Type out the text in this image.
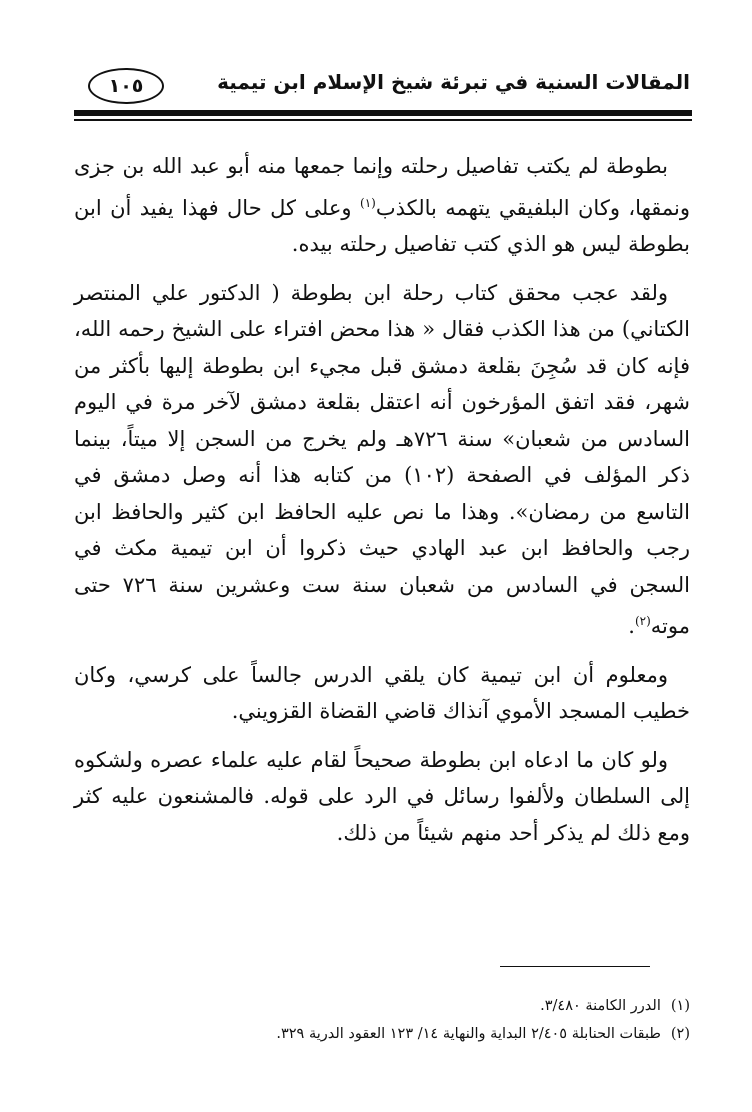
المقالات السنية في تبرئة شيخ الإسلام ابن تيمية
١٠٥

بطوطة لم يكتب تفاصيل رحلته وإنما جمعها منه أبو عبد الله بن جزى ونمقها، وكان البلفيقي يتهمه بالكذب$^{(١)}$ وعلى كل حال فهذا يفيد أن ابن بطوطة ليس هو الذي كتب تفاصيل رحلته بيده.

ولقد عجب محقق كتاب رحلة ابن بطوطة ( الدكتور علي المنتصر الكتاني) من هذا الكذب فقال « هذا محض افتراء على الشيخ رحمه الله، فإنه كان قد سُجِنَ بقلعة دمشق قبل مجيء ابن بطوطة إليها بأكثر من شهر، فقد اتفق المؤرخون أنه اعتقل بقلعة دمشق لآخر مرة في اليوم السادس من شعبان» سنة ٧٢٦هـ ولم يخرج من السجن إلا ميتاً، بينما ذكر المؤلف في الصفحة (١٠٢) من كتابه هذا أنه وصل دمشق في التاسع من رمضان». وهذا ما نص عليه الحافظ ابن كثير والحافظ ابن رجب والحافظ ابن عبد الهادي حيث ذكروا أن ابن تيمية مكث في السجن في السادس من شعبان سنة ست وعشرين سنة ٧٢٦ حتى موته$^{(٢)}$.

ومعلوم أن ابن تيمية كان يلقي الدرس جالساً على كرسي، وكان خطيب المسجد الأموي آنذاك قاضي القضاة القزويني.

ولو كان ما ادعاه ابن بطوطة صحيحاً لقام عليه علماء عصره ولشكوه إلى السلطان ولألفوا رسائل في الرد على قوله. فالمشنعون عليه كثر ومع ذلك لم يذكر أحد منهم شيئاً من ذلك.

(١)الدرر الكامنة ٣/٤٨٠.
(٢)طبقات الحنابلة ٢/٤٠٥ البداية والنهاية ١٤/ ١٢٣ العقود الدرية ٣٢٩.
